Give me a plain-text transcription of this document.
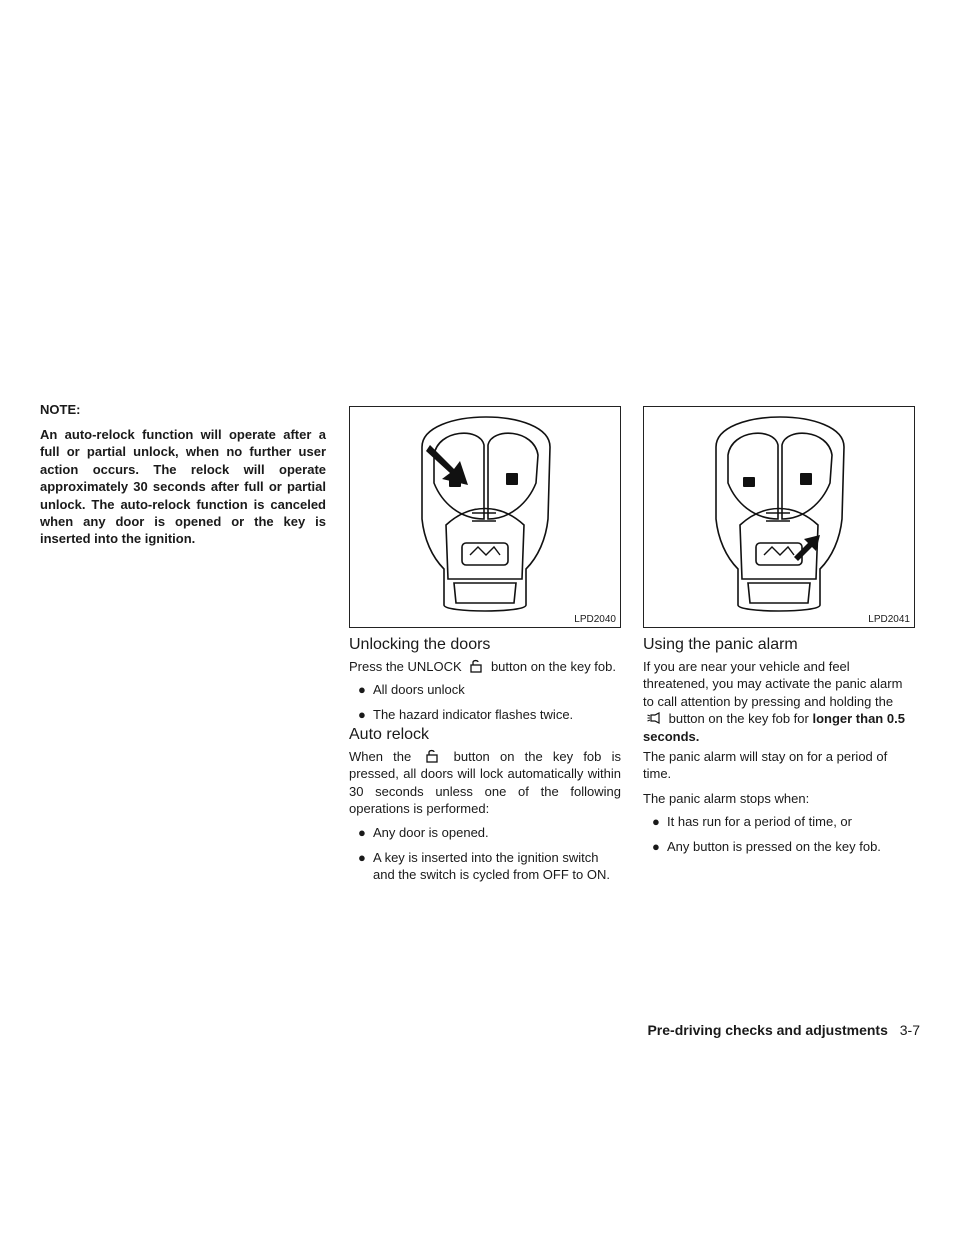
NOTE:
An auto-relock function will operate after a full or partial unlock, when no further user action occurs. The relock will operate approximately 30 seconds after full or partial unlock. The auto-relock function is canceled when any door is opened or the key is inserted into the ignition.
LPD2040	LPD2041
Unlocking the doors
Press the UNLOCK button on the key fob.
● All doors unlock
● The hazard indicator flashes twice.
Auto relock
When the	button on the key fob is pressed, all doors will lock automatically within 30 seconds unless one of the following operations is performed:
● Any door is opened.
● A key is inserted into the ignition switch and the switch is cycled from OFF to ON.
Using the panic alarm
If you are near your vehicle and feel threatened, you may activate the panic alarm to call attention by pressing and holding the  button on the key fob for longer than 0.5 seconds.
The panic alarm will stay on for a period of time.
The panic alarm stops when:
● It has run for a period of time, or
● Any button is pressed on the key fob.
Pre-driving checks and adjustments 3-7
